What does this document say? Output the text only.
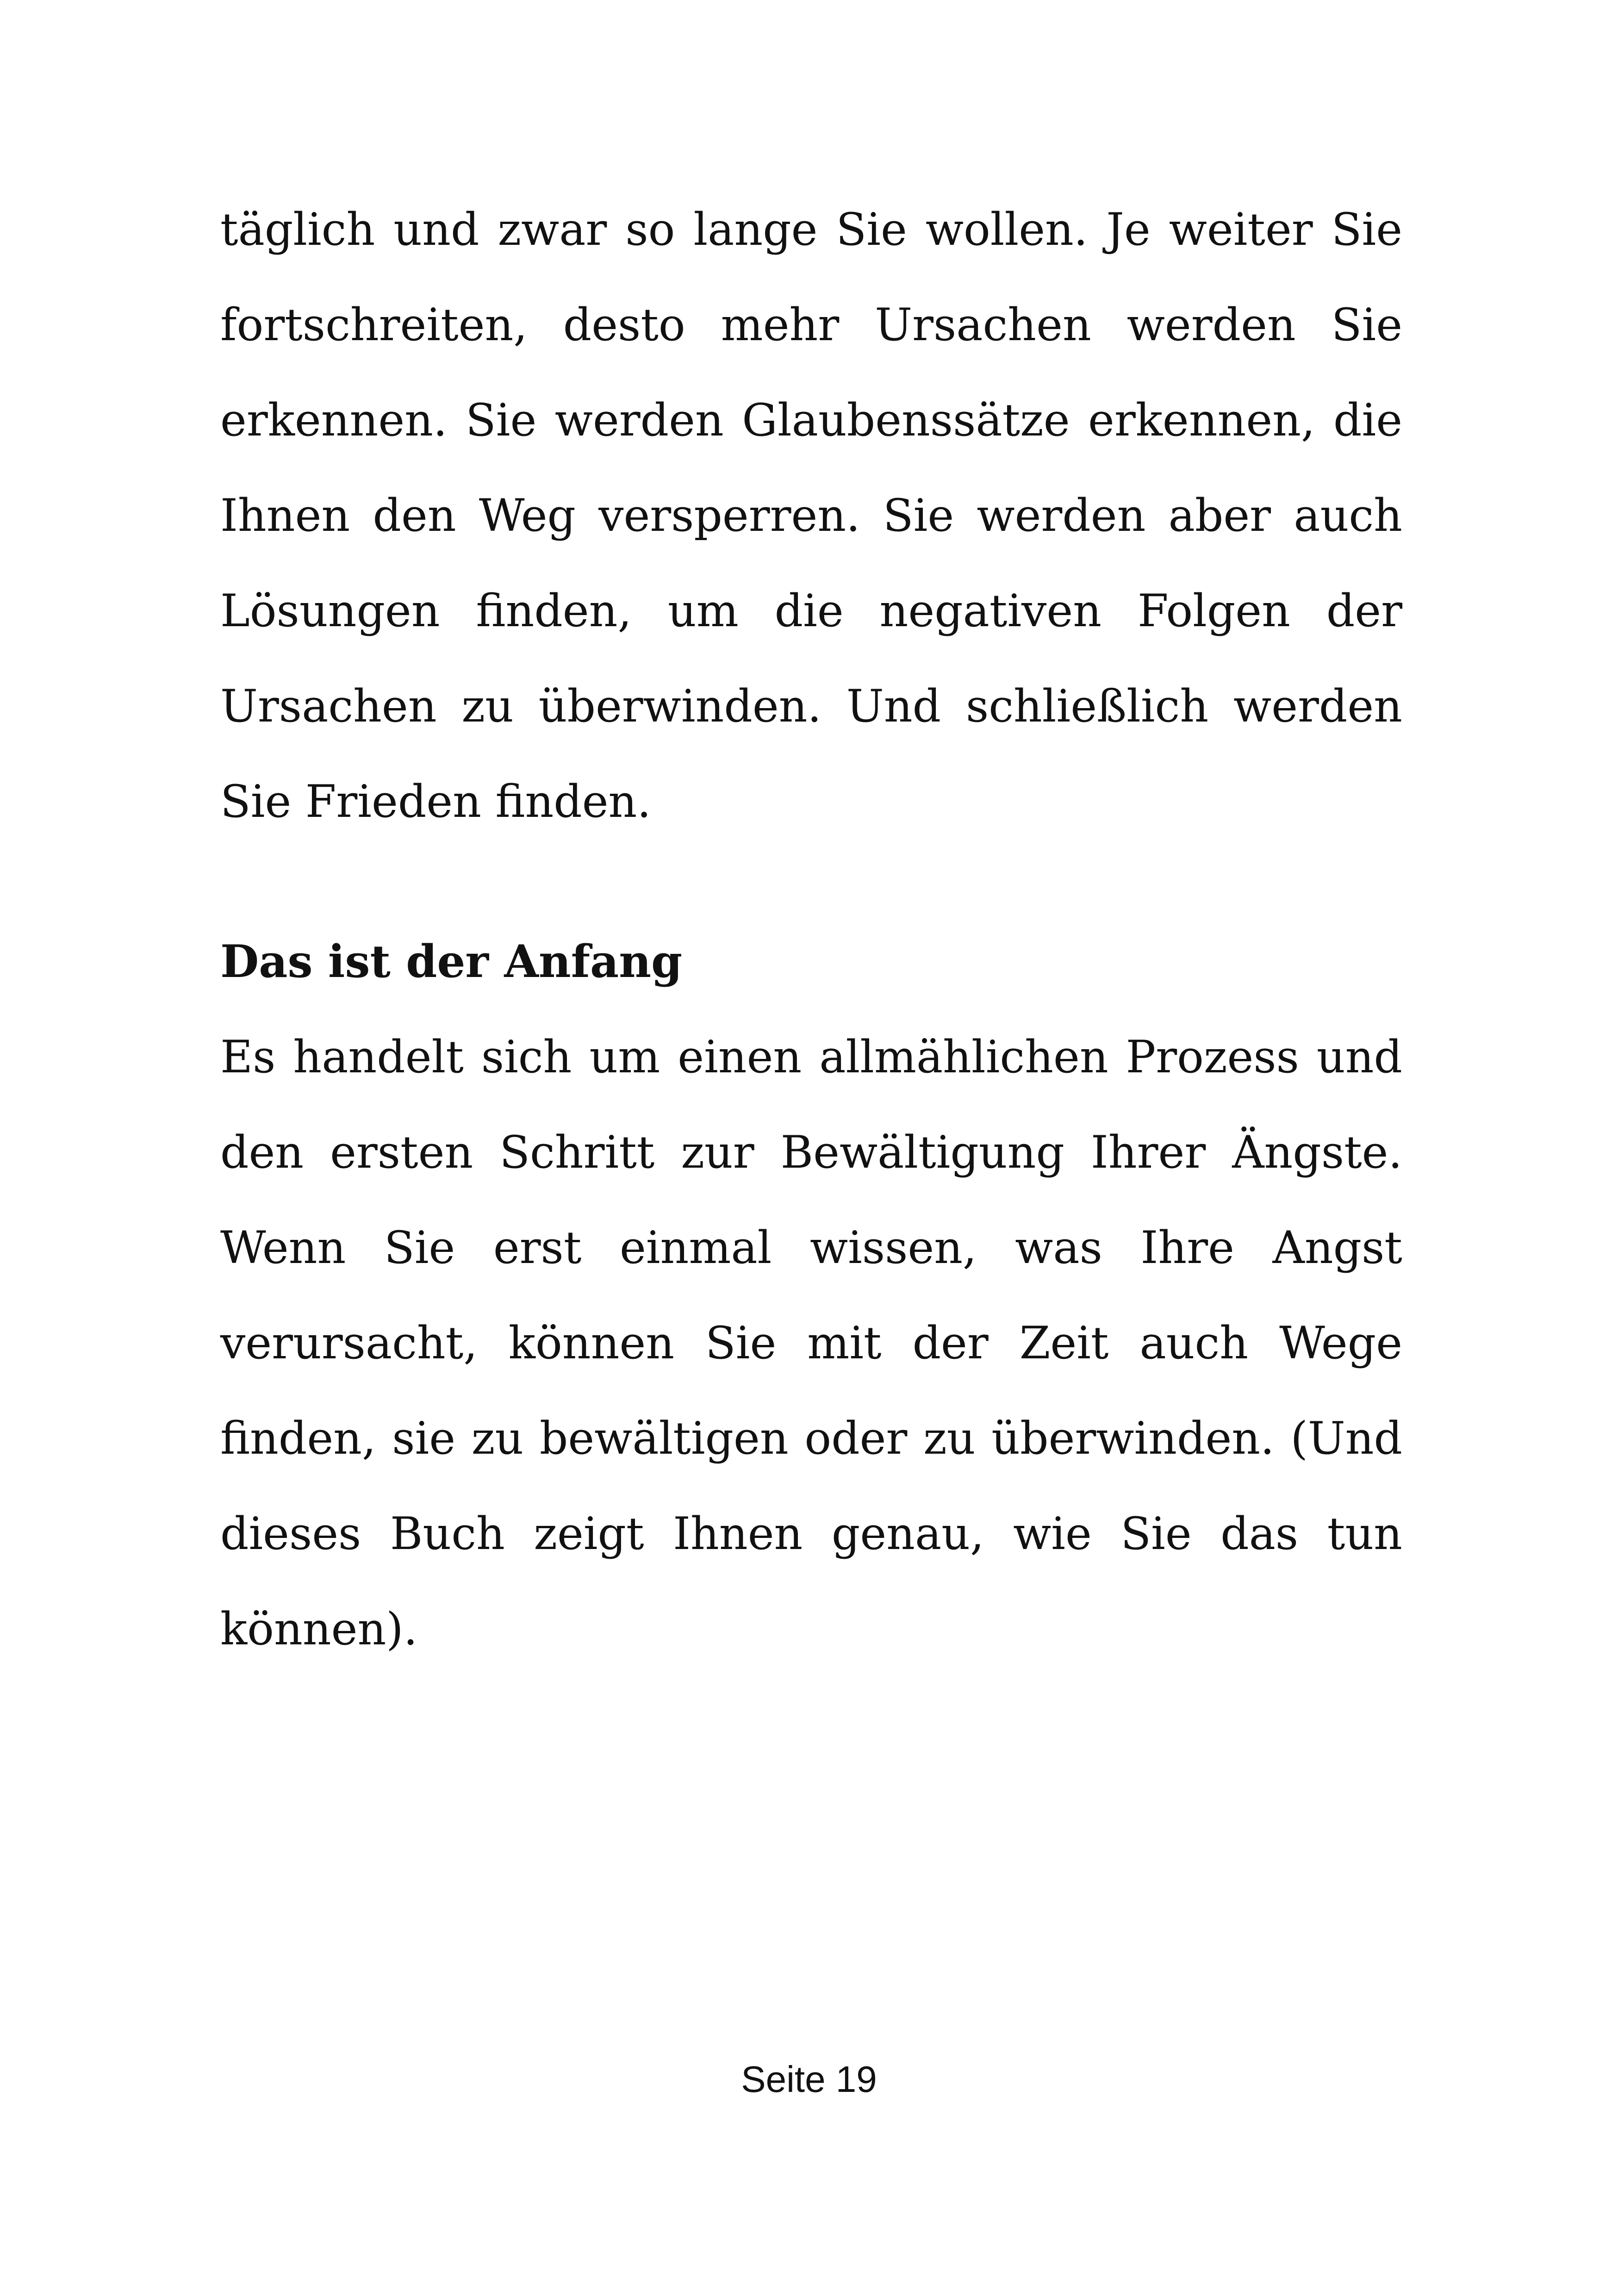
täglich und zwar so lange Sie wollen. Je weiter Sie fortschreiten, desto mehr Ursachen werden Sie erkennen. Sie werden Glaubenssätze erkennen, die Ihnen den Weg versperren. Sie werden aber auch Lösungen finden, um die negativen Folgen der Ursachen zu überwinden. Und schließlich werden Sie Frieden finden.

Das ist der Anfang

Es handelt sich um einen allmählichen Prozess und den ersten Schritt zur Bewältigung Ihrer Ängste. Wenn Sie erst einmal wissen, was Ihre Angst verursacht, können Sie mit der Zeit auch Wege finden, sie zu bewältigen oder zu überwinden. (Und dieses Buch zeigt Ihnen genau, wie Sie das tun können).

Seite 19
